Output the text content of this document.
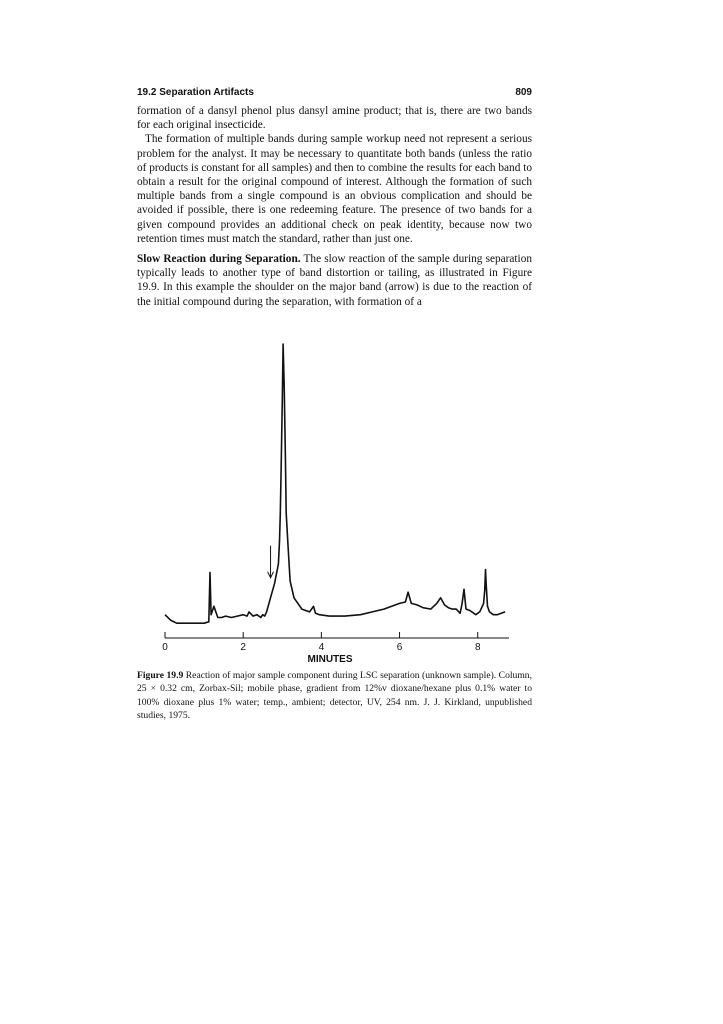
19.2 Separation Artifacts	809

formation of a dansyl phenol plus dansyl amine product; that is, there are two bands for each original insecticide.

The formation of multiple bands during sample workup need not represent a serious problem for the analyst. It may be necessary to quantitate both bands (unless the ratio of products is constant for all samples) and then to combine the results for each band to obtain a result for the original compound of interest. Although the formation of such multiple bands from a single compound is an obvious complication and should be avoided if possible, there is one redeeming feature. The presence of two bands for a given compound provides an additional check on peak identity, because now two retention times must match the standard, rather than just one.

Slow Reaction during Separation. The slow reaction of the sample during separation typically leads to another type of band distortion or tailing, as illustrated in Figure 19.9. In this example the shoulder on the major band (arrow) is due to the reaction of the initial compound during the separation, with formation of a

0	2	4	6	8
MINUTES
Figure 19.9 Reaction of major sample component during LSC separation (unknown sample). Column, 25 × 0.32 cm, Zorbax-Sil; mobile phase, gradient from 12%v dioxane/hexane plus 0.1% water to 100% dioxane plus 1% water; temp., ambient; detector, UV, 254 nm. J. J. Kirkland, unpublished studies, 1975.
